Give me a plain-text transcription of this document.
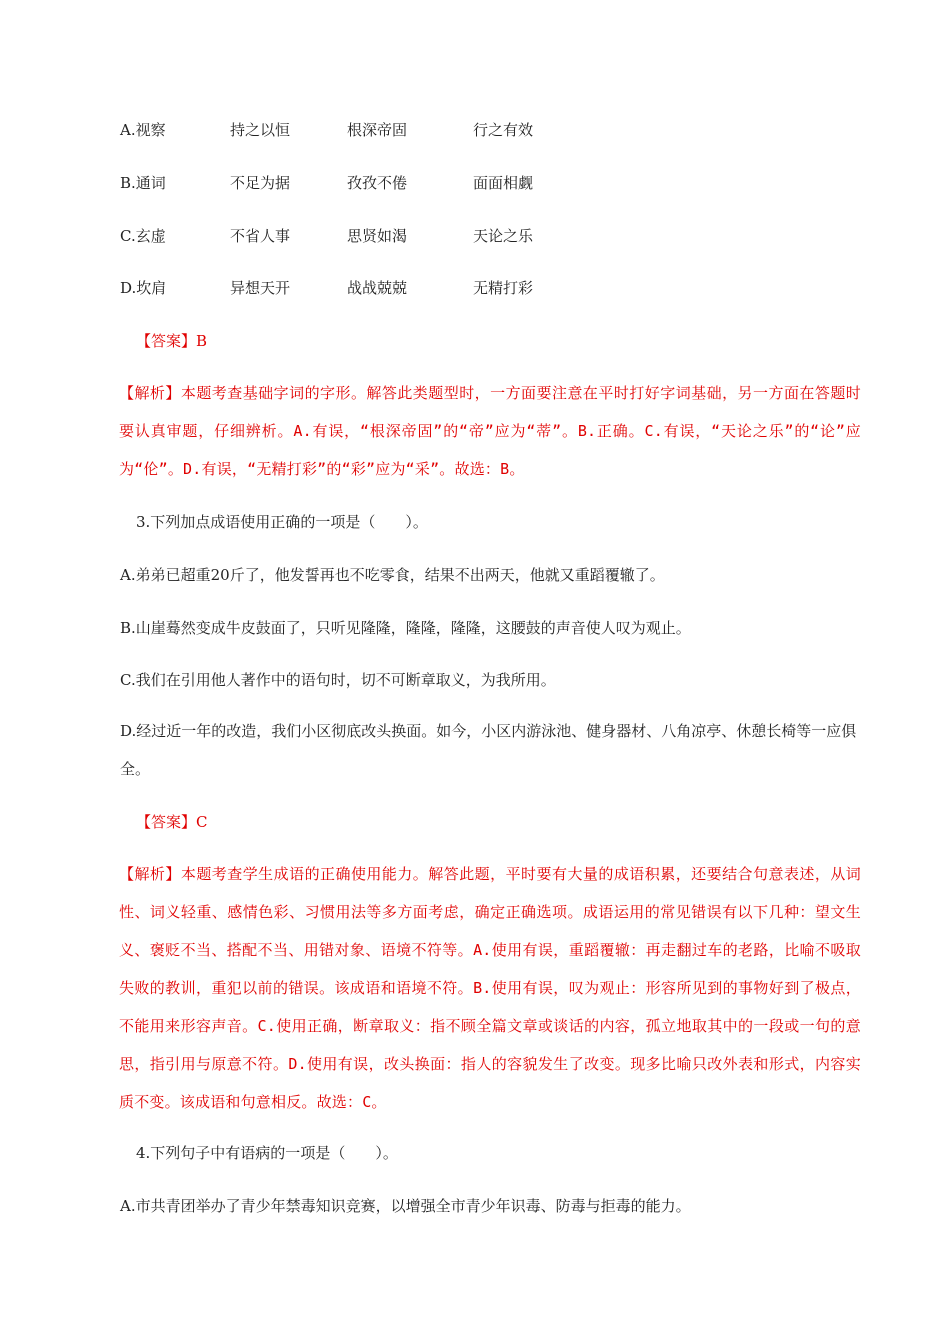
A.视察	持之以恒	根深帝固	行之有效
B.通词	不足为据	孜孜不倦	面面相觑
C.玄虚	不省人事	思贤如渴	天论之乐
D.坎肩	异想天开	战战兢兢	无精打彩
【答案】B
【解析】本题考查基础字词的字形。解答此类题型时，一方面要注意在平时打好字词基础，另一方面在答题时要认真审题，仔细辨析。A.有误，“根深帝固”的“帝”应为“蒂”。B.正确。C.有误，“天论之乐”的“论”应为“伦”。D.有误，“无精打彩”的“彩”应为“采”。故选：B。
3.下列加点成语使用正确的一项是（　　）。
A.弟弟已超重20斤了，他发誓再也不吃零食，结果不出两天，他就又重蹈覆辙了。
B.山崖蓦然变成牛皮鼓面了，只听见隆隆，隆隆，隆隆，这腰鼓的声音使人叹为观止。
C.我们在引用他人著作中的语句时，切不可断章取义，为我所用。
D.经过近一年的改造，我们小区彻底改头换面。如今，小区内游泳池、健身器材、八角凉亭、休憩长椅等一应俱全。
【答案】C
【解析】本题考查学生成语的正确使用能力。解答此题，平时要有大量的成语积累，还要结合句意表述，从词性、词义轻重、感情色彩、习惯用法等多方面考虑，确定正确选项。成语运用的常见错误有以下几种：望文生义、褒贬不当、搭配不当、用错对象、语境不符等。A.使用有误，重蹈覆辙：再走翻过车的老路，比喻不吸取失败的教训，重犯以前的错误。该成语和语境不符。B.使用有误，叹为观止：形容所见到的事物好到了极点，不能用来形容声音。C.使用正确，断章取义：指不顾全篇文章或谈话的内容，孤立地取其中的一段或一句的意思，指引用与原意不符。D.使用有误，改头换面：指人的容貌发生了改变。现多比喻只改外表和形式，内容实质不变。该成语和句意相反。故选：C。
4.下列句子中有语病的一项是（　　）。
A.市共青团举办了青少年禁毒知识竞赛，以增强全市青少年识毒、防毒与拒毒的能力。
